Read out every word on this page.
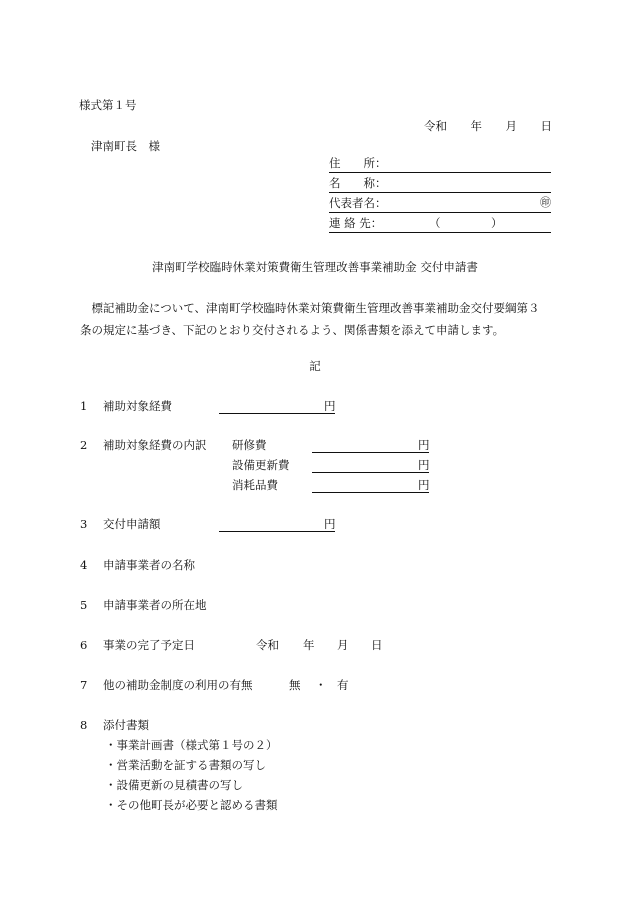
様式第１号
令和 年 月 日
津南町長　様
住　　所：
名　　称：
代表者名：	㊞
連 絡 先：	（	）
津南町学校臨時休業対策費衛生管理改善事業補助金 交付申請書
標記補助金について、津南町学校臨時休業対策費衛生管理改善事業補助金交付要綱第３条の規定に基づき、下記のとおり交付されるよう、関係書類を添えて申請します。
記
1 補助対象経費	円
2 補助対象経費の内訳 研修費	円
設備更新費	円
消耗品費	円
3 交付申請額	円
4 申請事業者の名称
5 申請事業者の所在地
6 事業の完了予定日	令和 年 月 日
7 他の補助金制度の利用の有無	無 ・ 有
8 添付書類
・事業計画書（様式第１号の２）
・営業活動を証する書類の写し
・設備更新の見積書の写し
・その他町長が必要と認める書類
